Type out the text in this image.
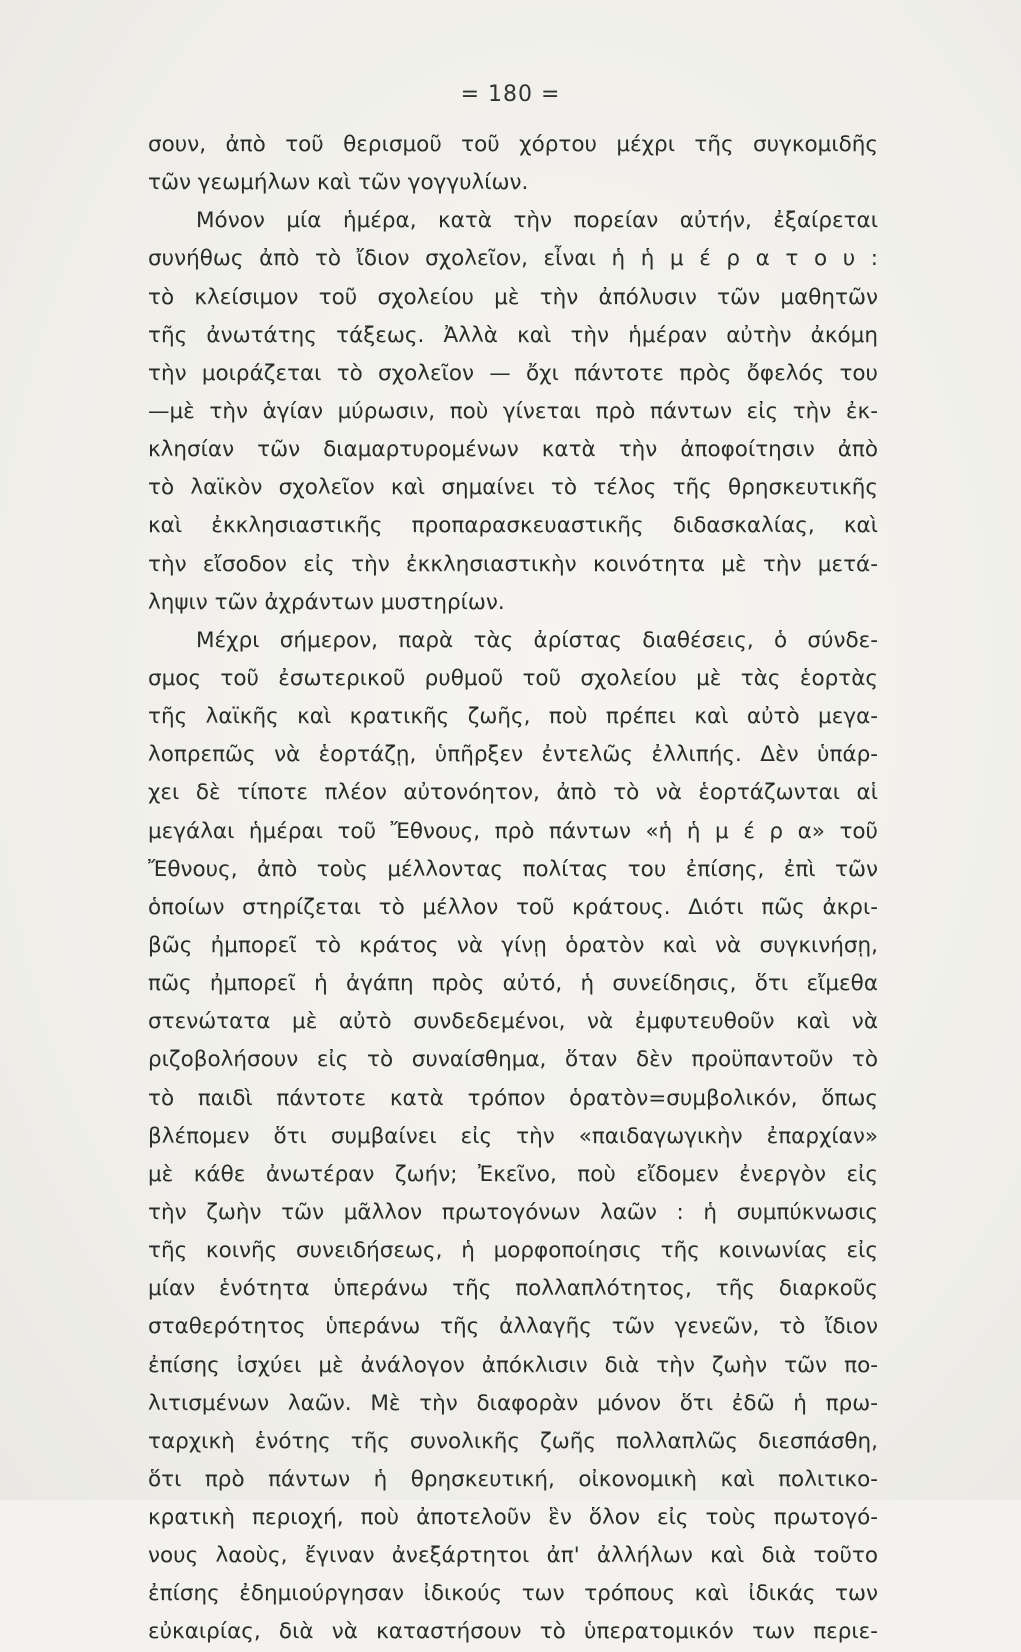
= 180 =
σουν, ἀπὸ τοῦ θερισμοῦ τοῦ χόρτου μέχρι τῆς συγκομιδῆς
τῶν γεωμήλων καὶ τῶν γογγυλίων.
Μόνον μία ἡμέρα, κατὰ τὴν πορείαν αὐτήν, ἐξαίρεται
συνήθως ἀπὸ τὸ ἴδιον σχολεῖον, εἶναι ἡ ἡ μ έ ρ α τ ο υ :
τὸ κλείσιμον τοῦ σχολείου μὲ τὴν ἀπόλυσιν τῶν μαθητῶν
τῆς ἀνωτάτης τάξεως. Ἀλλὰ καὶ τὴν ἡμέραν αὐτὴν ἀκόμη
τὴν μοιράζεται τὸ σχολεῖον — ὄχι πάντοτε πρὸς ὄφελός του
—μὲ τὴν ἁγίαν μύρωσιν, ποὺ γίνεται πρὸ πάντων εἰς τὴν ἐκ-
κλησίαν τῶν διαμαρτυρομένων κατὰ τὴν ἀποφοίτησιν ἀπὸ
τὸ λαϊκὸν σχολεῖον καὶ σημαίνει τὸ τέλος τῆς θρησκευτικῆς
καὶ ἐκκλησιαστικῆς προπαρασκευαστικῆς διδασκαλίας, καὶ
τὴν εἴσοδον εἰς τὴν ἐκκλησιαστικὴν κοινότητα μὲ τὴν μετά-
ληψιν τῶν ἀχράντων μυστηρίων.
Μέχρι σήμερον, παρὰ τὰς ἀρίστας διαθέσεις, ὁ σύνδε-
σμος τοῦ ἐσωτερικοῦ ρυθμοῦ τοῦ σχολείου μὲ τὰς ἑορτὰς
τῆς λαϊκῆς καὶ κρατικῆς ζωῆς, ποὺ πρέπει καὶ αὐτὸ μεγα-
λοπρεπῶς νὰ ἑορτάζῃ, ὑπῆρξεν ἐντελῶς ἐλλιπής. Δὲν ὑπάρ-
χει δὲ τίποτε πλέον αὐτονόητον, ἀπὸ τὸ νὰ ἑορτάζωνται αἱ
μεγάλαι ἡμέραι τοῦ Ἔθνους, πρὸ πάντων «ἡ ἡ μ έ ρ α» τοῦ
Ἔθνους, ἀπὸ τοὺς μέλλοντας πολίτας του ἐπίσης, ἐπὶ τῶν
ὁποίων στηρίζεται τὸ μέλλον τοῦ κράτους. Διότι πῶς ἀκρι-
βῶς ἠμπορεῖ τὸ κράτος νὰ γίνῃ ὁρατὸν καὶ νὰ συγκινήσῃ,
πῶς ἠμπορεῖ ἡ ἀγάπη πρὸς αὐτό, ἡ συνείδησις, ὅτι εἴμεθα
στενώτατα μὲ αὐτὸ συνδεδεμένοι, νὰ ἐμφυτευθοῦν καὶ νὰ
ριζοβολήσουν εἰς τὸ συναίσθημα, ὅταν δὲν προϋπαντοῦν τὸ
τὸ παιδὶ πάντοτε κατὰ τρόπον ὁρατὸν=συμβολικόν, ὅπως
βλέπομεν ὅτι συμβαίνει εἰς τὴν «παιδαγωγικὴν ἐπαρχίαν»
μὲ κάθε ἀνωτέραν ζωήν; Ἐκεῖνο, ποὺ εἴδομεν ἐνεργὸν εἰς
τὴν ζωὴν τῶν μᾶλλον πρωτογόνων λαῶν : ἡ συμπύκνωσις
τῆς κοινῆς συνειδήσεως, ἡ μορφοποίησις τῆς κοινωνίας εἰς
μίαν ἑνότητα ὑπεράνω τῆς πολλαπλότητος, τῆς διαρκοῦς
σταθερότητος ὑπεράνω τῆς ἀλλαγῆς τῶν γενεῶν, τὸ ἴδιον
ἐπίσης ἰσχύει μὲ ἀνάλογον ἀπόκλισιν διὰ τὴν ζωὴν τῶν πο-
λιτισμένων λαῶν. Μὲ τὴν διαφορὰν μόνον ὅτι ἐδῶ ἡ πρω-
ταρχικὴ ἑνότης τῆς συνολικῆς ζωῆς πολλαπλῶς διεσπάσθη,
ὅτι πρὸ πάντων ἡ θρησκευτική, οἰκονομικὴ καὶ πολιτικο-
κρατικὴ περιοχή, ποὺ ἀποτελοῦν ἓν ὅλον εἰς τοὺς πρωτογό-
νους λαοὺς, ἔγιναν ἀνεξάρτητοι ἀπ' ἀλλήλων καὶ διὰ τοῦτο
ἐπίσης ἐδημιούργησαν ἰδικούς των τρόπους καὶ ἰδικάς των
εὐκαιρίας, διὰ νὰ καταστήσουν τὸ ὑπερατομικόν των περιε-
